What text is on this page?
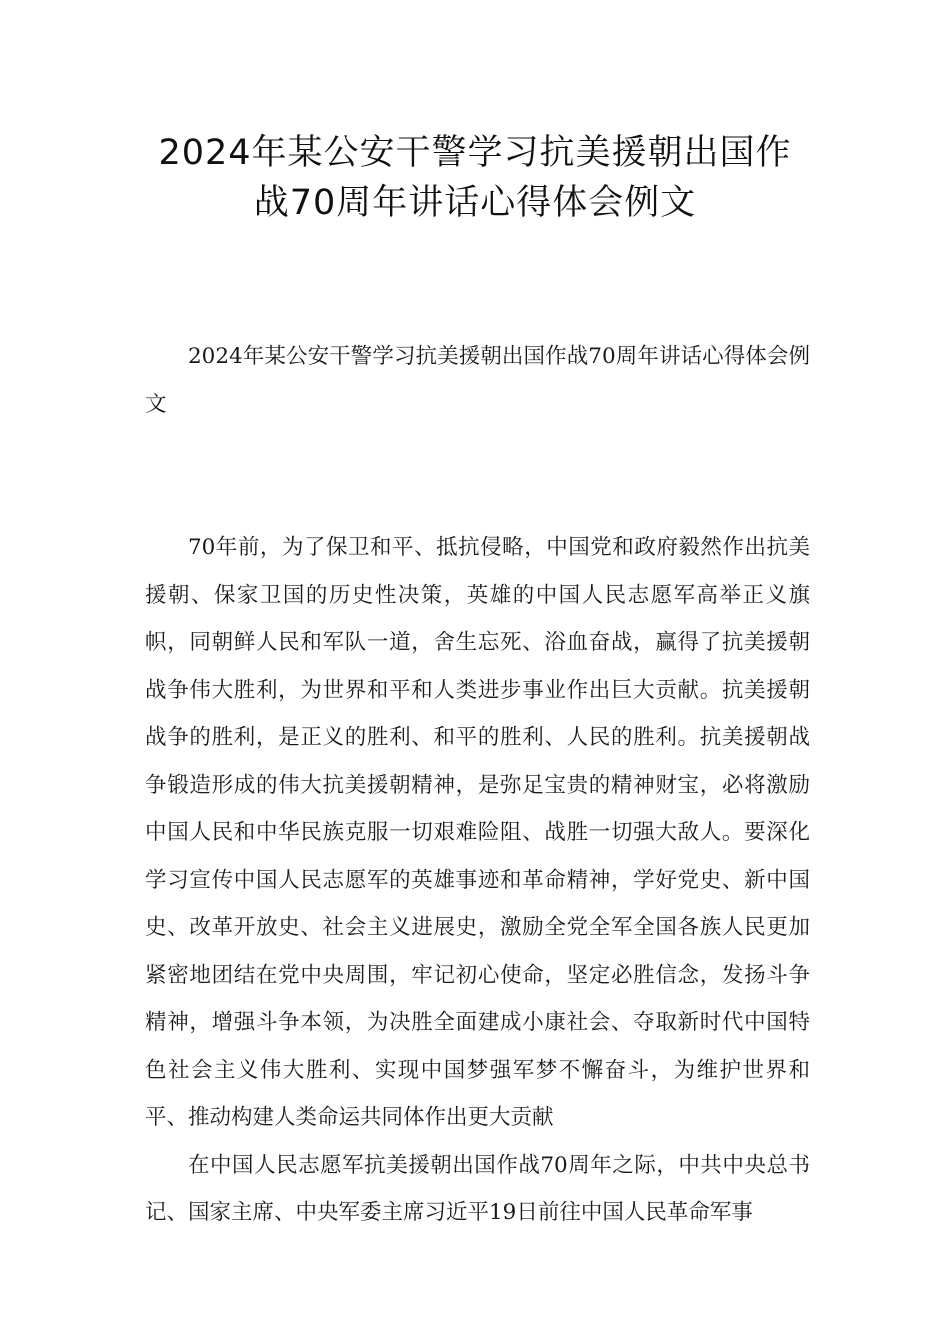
2024年某公安干警学习抗美援朝出国作
战70周年讲话心得体会例文

2024年某公安干警学习抗美援朝出国作战70周年讲话心得体会例文

70年前，为了保卫和平、抵抗侵略，中国党和政府毅然作出抗美援朝、保家卫国的历史性决策，英雄的中国人民志愿军高举正义旗帜，同朝鲜人民和军队一道，舍生忘死、浴血奋战，赢得了抗美援朝战争伟大胜利，为世界和平和人类进步事业作出巨大贡献。抗美援朝战争的胜利，是正义的胜利、和平的胜利、人民的胜利。抗美援朝战争锻造形成的伟大抗美援朝精神，是弥足宝贵的精神财宝，必将激励中国人民和中华民族克服一切艰难险阻、战胜一切强大敌人。要深化学习宣传中国人民志愿军的英雄事迹和革命精神，学好党史、新中国史、改革开放史、社会主义进展史，激励全党全军全国各族人民更加紧密地团结在党中央周围，牢记初心使命，坚定必胜信念，发扬斗争精神，增强斗争本领，为决胜全面建成小康社会、夺取新时代中国特色社会主义伟大胜利、实现中国梦强军梦不懈奋斗，为维护世界和平、推动构建人类命运共同体作出更大贡献

在中国人民志愿军抗美援朝出国作战70周年之际，中共中央总书记、国家主席、中央军委主席习近平19日前往中国人民革命军事
